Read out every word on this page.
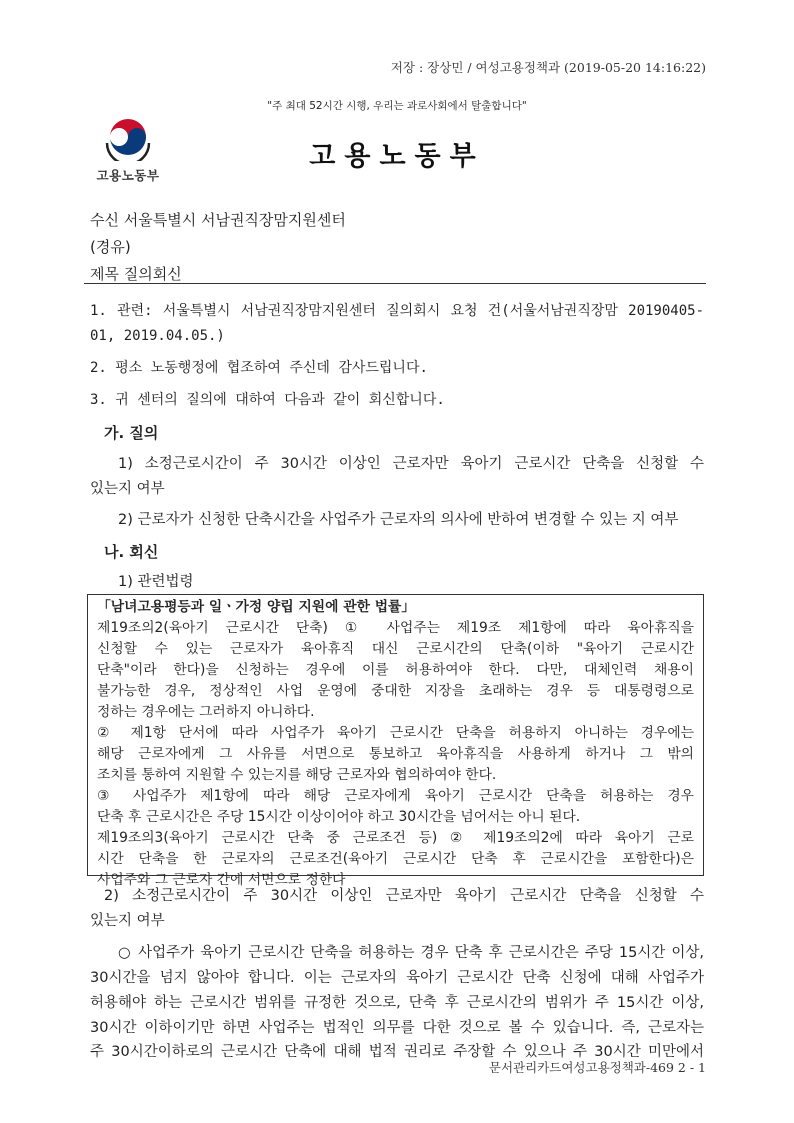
저장 : 장상민 / 여성고용정책과 (2019-05-20 14:16:22)
"주 최대 52시간 시행, 우리는 과로사회에서 탈출합니다"
고용노동부
고용노동부
수신 서울특별시 서남권직장맘지원센터
(경유)
제목 질의회신
1. 관련: 서울특별시 서남권직장맘지원센터 질의회시 요청 건(서울서남권직장맘 20190405-
01, 2019.04.05.)
2. 평소 노동행정에 협조하여 주신데 감사드립니다.
3. 귀 센터의 질의에 대하여 다음과 같이 회신합니다.
가. 질의
1) 소정근로시간이 주 30시간 이상인 근로자만 육아기 근로시간 단축을 신청할 수
있는지 여부
2) 근로자가 신청한 단축시간을 사업주가 근로자의 의사에 반하여 변경할 수 있는 지 여부
나. 회신
1) 관련법령
「남녀고용평등과 일ㆍ가정 양립 지원에 관한 법률」
제19조의2(육아기 근로시간 단축) ① 사업주는 제19조 제1항에 따라 육아휴직을
신청할 수 있는 근로자가 육아휴직 대신 근로시간의 단축(이하 "육아기 근로시간
단축"이라 한다)을 신청하는 경우에 이를 허용하여야 한다. 다만, 대체인력 채용이
불가능한 경우, 정상적인 사업 운영에 중대한 지장을 초래하는 경우 등 대통령령으로
정하는 경우에는 그러하지 아니하다.
② 제1항 단서에 따라 사업주가 육아기 근로시간 단축을 허용하지 아니하는 경우에는
해당 근로자에게 그 사유를 서면으로 통보하고 육아휴직을 사용하게 하거나 그 밖의
조치를 통하여 지원할 수 있는지를 해당 근로자와 협의하여야 한다.
③ 사업주가 제1항에 따라 해당 근로자에게 육아기 근로시간 단축을 허용하는 경우
단축 후 근로시간은 주당 15시간 이상이어야 하고 30시간을 넘어서는 아니 된다.
제19조의3(육아기 근로시간 단축 중 근로조건 등) ② 제19조의2에 따라 육아기 근로
시간 단축을 한 근로자의 근로조건(육아기 근로시간 단축 후 근로시간을 포함한다)은
사업주와 그 근로자 간에 서면으로 정한다
2) 소정근로시간이 주 30시간 이상인 근로자만 육아기 근로시간 단축을 신청할 수
있는지 여부
○ 사업주가 육아기 근로시간 단축을 허용하는 경우 단축 후 근로시간은 주당 15시간 이상,
30시간을 넘지 않아야 합니다. 이는 근로자의 육아기 근로시간 단축 신청에 대해 사업주가
허용해야 하는 근로시간 범위를 규정한 것으로, 단축 후 근로시간의 범위가 주 15시간 이상,
30시간 이하이기만 하면 사업주는 법적인 의무를 다한 것으로 볼 수 있습니다. 즉, 근로자는
주 30시간이하로의 근로시간 단축에 대해 법적 권리로 주장할 수 있으나 주 30시간 미만에서
문서관리카드여성고용정책과-469 2 - 1
